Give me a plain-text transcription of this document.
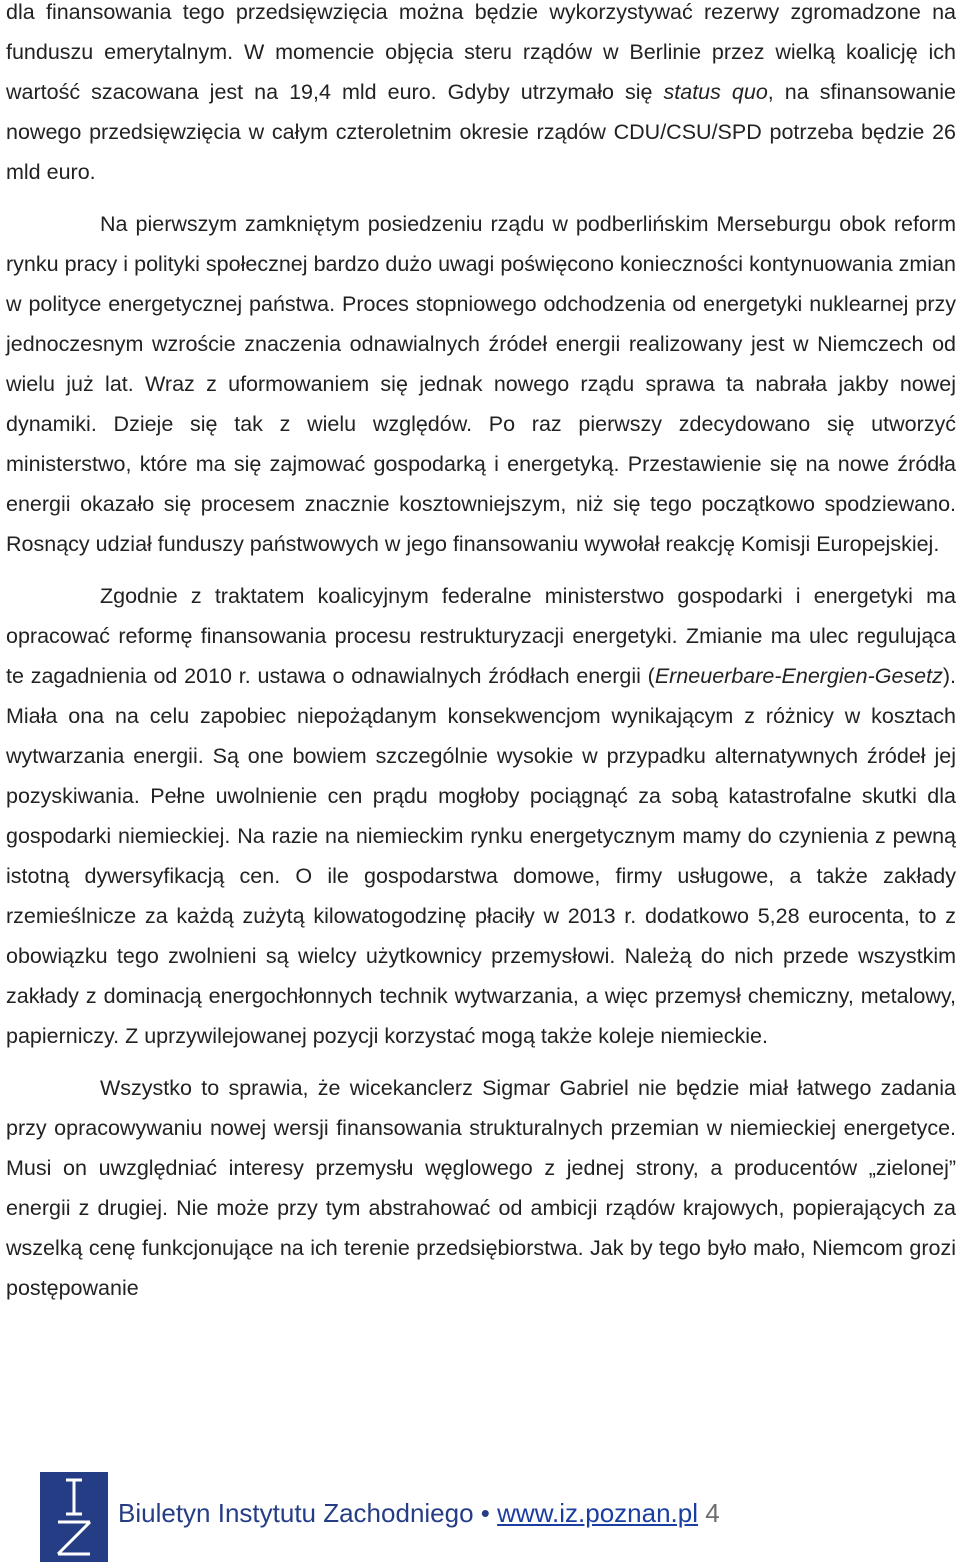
dla finansowania tego przedsięwzięcia można będzie wykorzystywać rezerwy zgromadzone na funduszu emerytalnym. W momencie objęcia steru rządów w Berlinie przez wielką koalicję ich wartość szacowana jest na 19,4 mld euro. Gdyby utrzymało się status quo, na sfinansowanie nowego przedsięwzięcia w całym czteroletnim okresie rządów CDU/CSU/SPD potrzeba będzie 26 mld euro.

Na pierwszym zamkniętym posiedzeniu rządu w podberlińskim Merseburgu obok reform rynku pracy i polityki społecznej bardzo dużo uwagi poświęcono konieczności kontynuowania zmian w polityce energetycznej państwa. Proces stopniowego odchodzenia od energetyki nuklearnej przy jednoczesnym wzroście znaczenia odnawialnych źródeł energii realizowany jest w Niemczech od wielu już lat. Wraz z uformowaniem się jednak nowego rządu sprawa ta nabrała jakby nowej dynamiki. Dzieje się tak z wielu względów. Po raz pierwszy zdecydowano się utworzyć ministerstwo, które ma się zajmować gospodarką i energetyką. Przestawienie się na nowe źródła energii okazało się procesem znacznie kosztowniejszym, niż się tego początkowo spodziewano. Rosnący udział funduszy państwowych w jego finansowaniu wywołał reakcję Komisji Europejskiej.

Zgodnie z traktatem koalicyjnym federalne ministerstwo gospodarki i energetyki ma opracować reformę finansowania procesu restrukturyzacji energetyki. Zmianie ma ulec regulująca te zagadnienia od 2010 r. ustawa o odnawialnych źródłach energii (Erneuerbare-Energien-Gesetz). Miała ona na celu zapobiec niepożądanym konsekwencjom wynikającym z różnicy w kosztach wytwarzania energii. Są one bowiem szczególnie wysokie w przypadku alternatywnych źródeł jej pozyskiwania. Pełne uwolnienie cen prądu mogłoby pociągnąć za sobą katastrofalne skutki dla gospodarki niemieckiej. Na razie na niemieckim rynku energetycznym mamy do czynienia z pewną istotną dywersyfikacją cen. O ile gospodarstwa domowe, firmy usługowe, a także zakłady rzemieślnicze za każdą zużytą kilowatogodzinę płaciły w 2013 r. dodatkowo 5,28 eurocenta, to z obowiązku tego zwolnieni są wielcy użytkownicy przemysłowi. Należą do nich przede wszystkim zakłady z dominacją energochłonnych technik wytwarzania, a więc przemysł chemiczny, metalowy, papierniczy. Z uprzywilejowanej pozycji korzystać mogą także koleje niemieckie.

Wszystko to sprawia, że wicekanclerz Sigmar Gabriel nie będzie miał łatwego zadania przy opracowywaniu nowej wersji finansowania strukturalnych przemian w niemieckiej energetyce. Musi on uwzględniać interesy przemysłu węglowego z jednej strony, a producentów „zielonej” energii z drugiej. Nie może przy tym abstrahować od ambicji rządów krajowych, popierających za wszelką cenę funkcjonujące na ich terenie przedsiębiorstwa. Jak by tego było mało, Niemcom grozi postępowanie

Biuletyn Instytutu Zachodniego • www.iz.poznan.pl 4
